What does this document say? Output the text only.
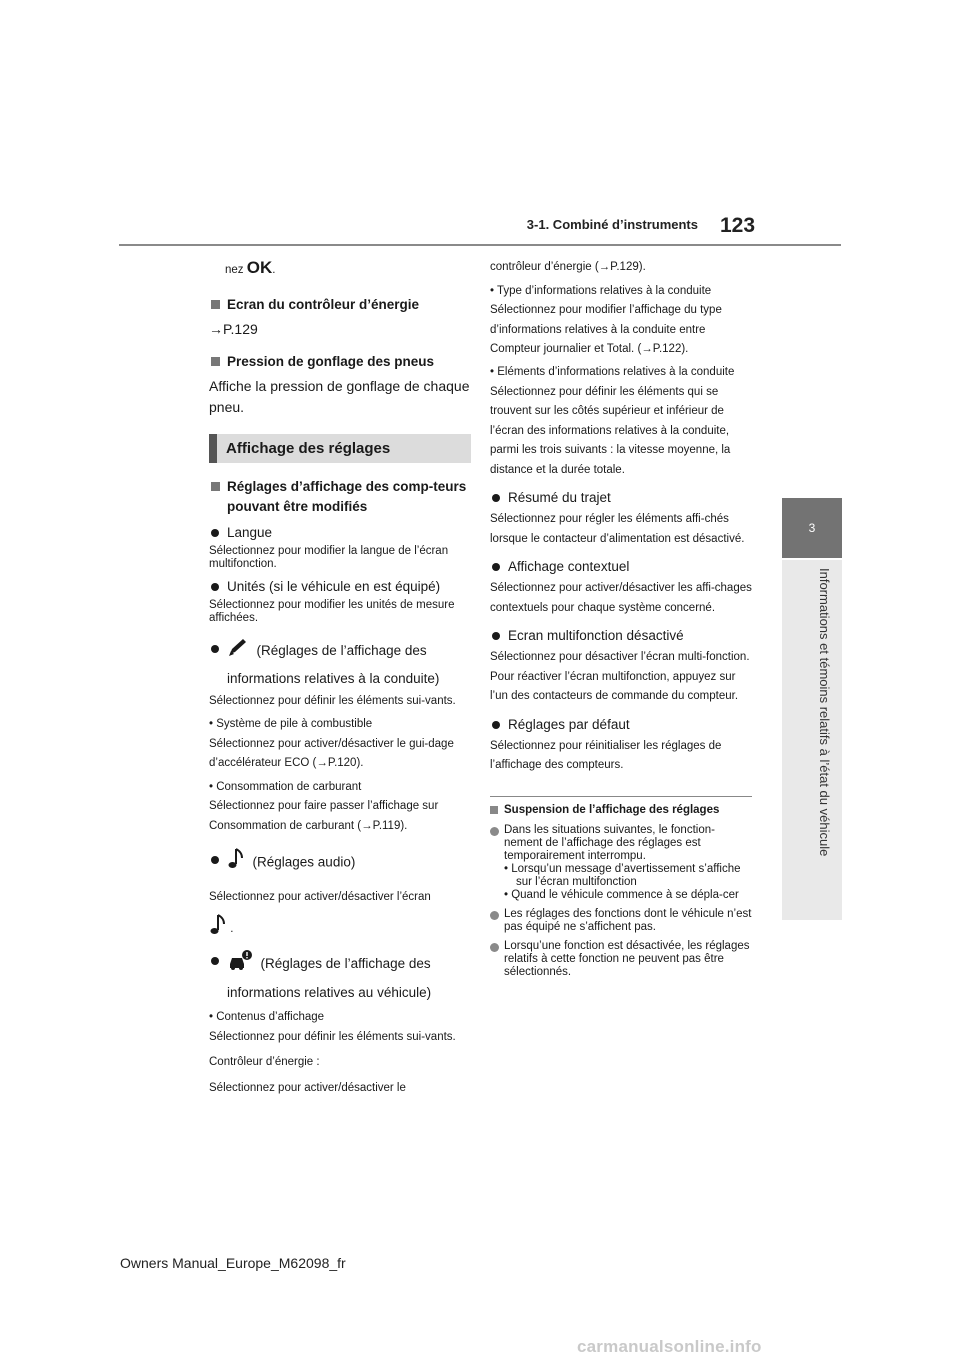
3-1. Combiné d’instruments 123
3
Informations et témoins relatifs à l’état du véhicule

nez OK.

Ecran du contrôleur d’énergie

→P.129

Pression de gonflage des pneus

Affiche la pression de gonflage de chaque pneu.

Affichage des réglages

Réglages d’affichage des comp-teurs pouvant être modifiés

Langue

Sélectionnez pour modifier la langue de l’écran multifonction.

Unités (si le véhicule en est équipé)

Sélectionnez pour modifier les unités de mesure affichées.

(Réglages de l’affichage des informations relatives à la conduite)

Sélectionnez pour définir les éléments sui-vants.

• Système de pile à combustible

Sélectionnez pour activer/désactiver le gui-dage d’accélérateur ECO (→P.120).

• Consommation de carburant

Sélectionnez pour faire passer l’affichage sur Consommation de carburant (→P.119).

(Réglages audio)

Sélectionnez pour activer/désactiver l’écran

.

(Réglages de l’affichage des informations relatives au véhicule)

• Contenus d’affichage

Sélectionnez pour définir les éléments sui-vants.

Contrôleur d’énergie :

Sélectionnez pour activer/désactiver le

contrôleur d’énergie (→P.129).

• Type d’informations relatives à la conduite

Sélectionnez pour modifier l’affichage du type d’informations relatives à la conduite entre Compteur journalier et Total. (→P.122).

• Eléments d’informations relatives à la conduite

Sélectionnez pour définir les éléments qui se trouvent sur les côtés supérieur et inférieur de l’écran des informations relatives à la conduite, parmi les trois suivants : la vitesse moyenne, la distance et la durée totale.

Résumé du trajet

Sélectionnez pour régler les éléments affi-chés lorsque le contacteur d’alimentation est désactivé.

Affichage contextuel

Sélectionnez pour activer/désactiver les affi-chages contextuels pour chaque système concerné.

Ecran multifonction désactivé

Sélectionnez pour désactiver l’écran multi-fonction.

Pour réactiver l’écran multifonction, appuyez sur l’un des contacteurs de commande du compteur.

Réglages par défaut

Sélectionnez pour réinitialiser les réglages de l’affichage des compteurs.

Suspension de l’affichage des réglages

Dans les situations suivantes, le fonction-nement de l’affichage des réglages est temporairement interrompu.
• Lorsqu’un message d’avertissement s’affiche sur l’écran multifonction
• Quand le véhicule commence à se dépla-cer

Les réglages des fonctions dont le véhicule n’est pas équipé ne s’affichent pas.

Lorsqu’une fonction est désactivée, les réglages relatifs à cette fonction ne peuvent pas être sélectionnés.

Owners Manual_Europe_M62098_fr
carmanualsonline.info
